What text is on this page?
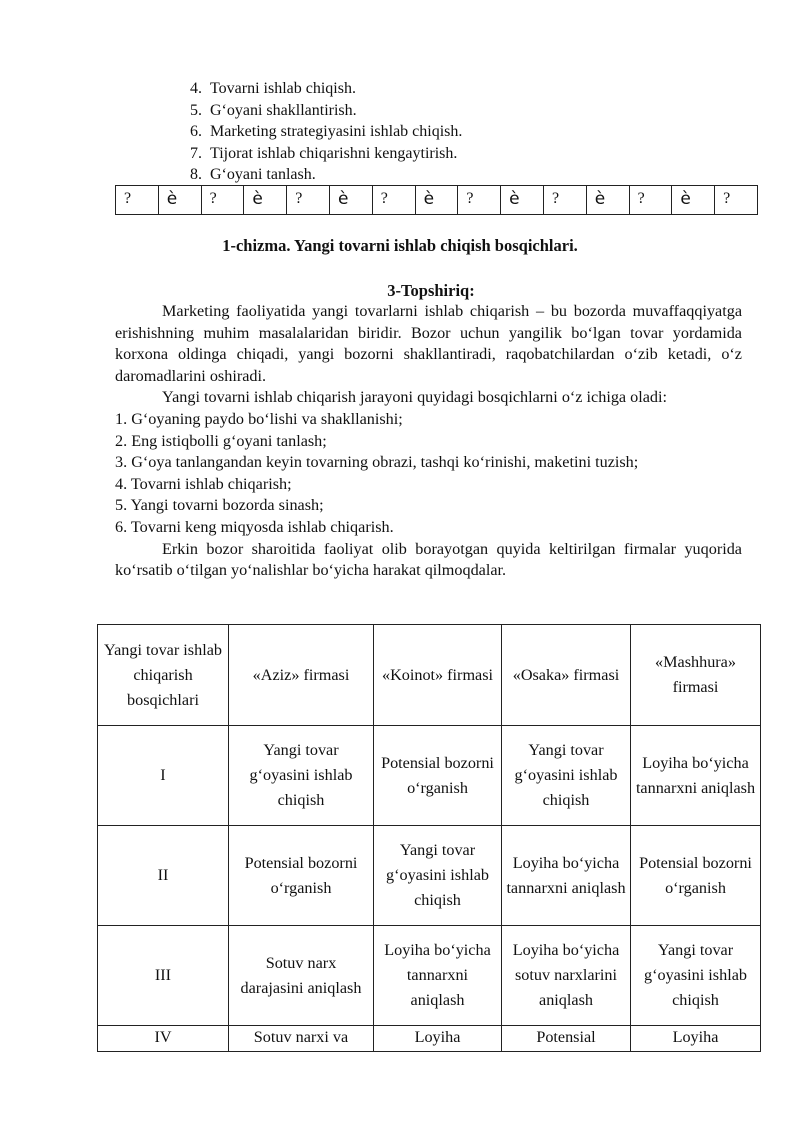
4. Tovarni ishlab chiqish.
5. G‘oyani shakllantirish.
6. Marketing strategiyasini ishlab chiqish.
7. Tijorat ishlab chiqarishni kengaytirish.
8. G‘oyani tanlash.
?	è	?	è	?	è	?	è	?	è	?	è	?	è	?
1-chizma. Yangi tovarni ishlab chiqish bosqichlari.
3-Topshiriq:

Marketing faoliyatida yangi tovarlarni ishlab chiqarish – bu bozorda muvaffaqqiyatga erishishning muhim masalalaridan biridir. Bozor uchun yangilik bo‘lgan tovar yordamida korxona oldinga chiqadi, yangi bozorni shakllantiradi, raqobatchilardan o‘zib ketadi, o‘z daromadlarini oshiradi.

Yangi tovarni ishlab chiqarish jarayoni quyidagi bosqichlarni o‘z ichiga oladi:

1. G‘oyaning paydo bo‘lishi va shakllanishi;

2. Eng istiqbolli g‘oyani tanlash;

3. G‘oya tanlangandan keyin tovarning obrazi, tashqi ko‘rinishi, maketini tuzish;

4. Tovarni ishlab chiqarish;

5. Yangi tovarni bozorda sinash;

6. Tovarni keng miqyosda ishlab chiqarish.

Erkin bozor sharoitida faoliyat olib borayotgan quyida keltirilgan firmalar yuqorida ko‘rsatib o‘tilgan yo‘nalishlar bo‘yicha harakat qilmoqdalar.

Yangi tovar ishlab chiqarish bosqichlari	«Aziz» firmasi	«Koinot» firmasi	«Osaka» firmasi	«Mashhura» firmasi
I	Yangi tovar g‘oyasini ishlab chiqish	Potensial bozorni o‘rganish	Yangi tovar g‘oyasini ishlab chiqish	Loyiha bo‘yicha tannarxni aniqlash
II	Potensial bozorni o‘rganish	Yangi tovar g‘oyasini ishlab chiqish	Loyiha bo‘yicha tannarxni aniqlash	Potensial bozorni o‘rganish
III	Sotuv narx darajasini aniqlash	Loyiha bo‘yicha tannarxni aniqlash	Loyiha bo‘yicha sotuv narxlarini aniqlash	Yangi tovar g‘oyasini ishlab chiqish
IV	Sotuv narxi va	Loyiha	Potensial	Loyiha
